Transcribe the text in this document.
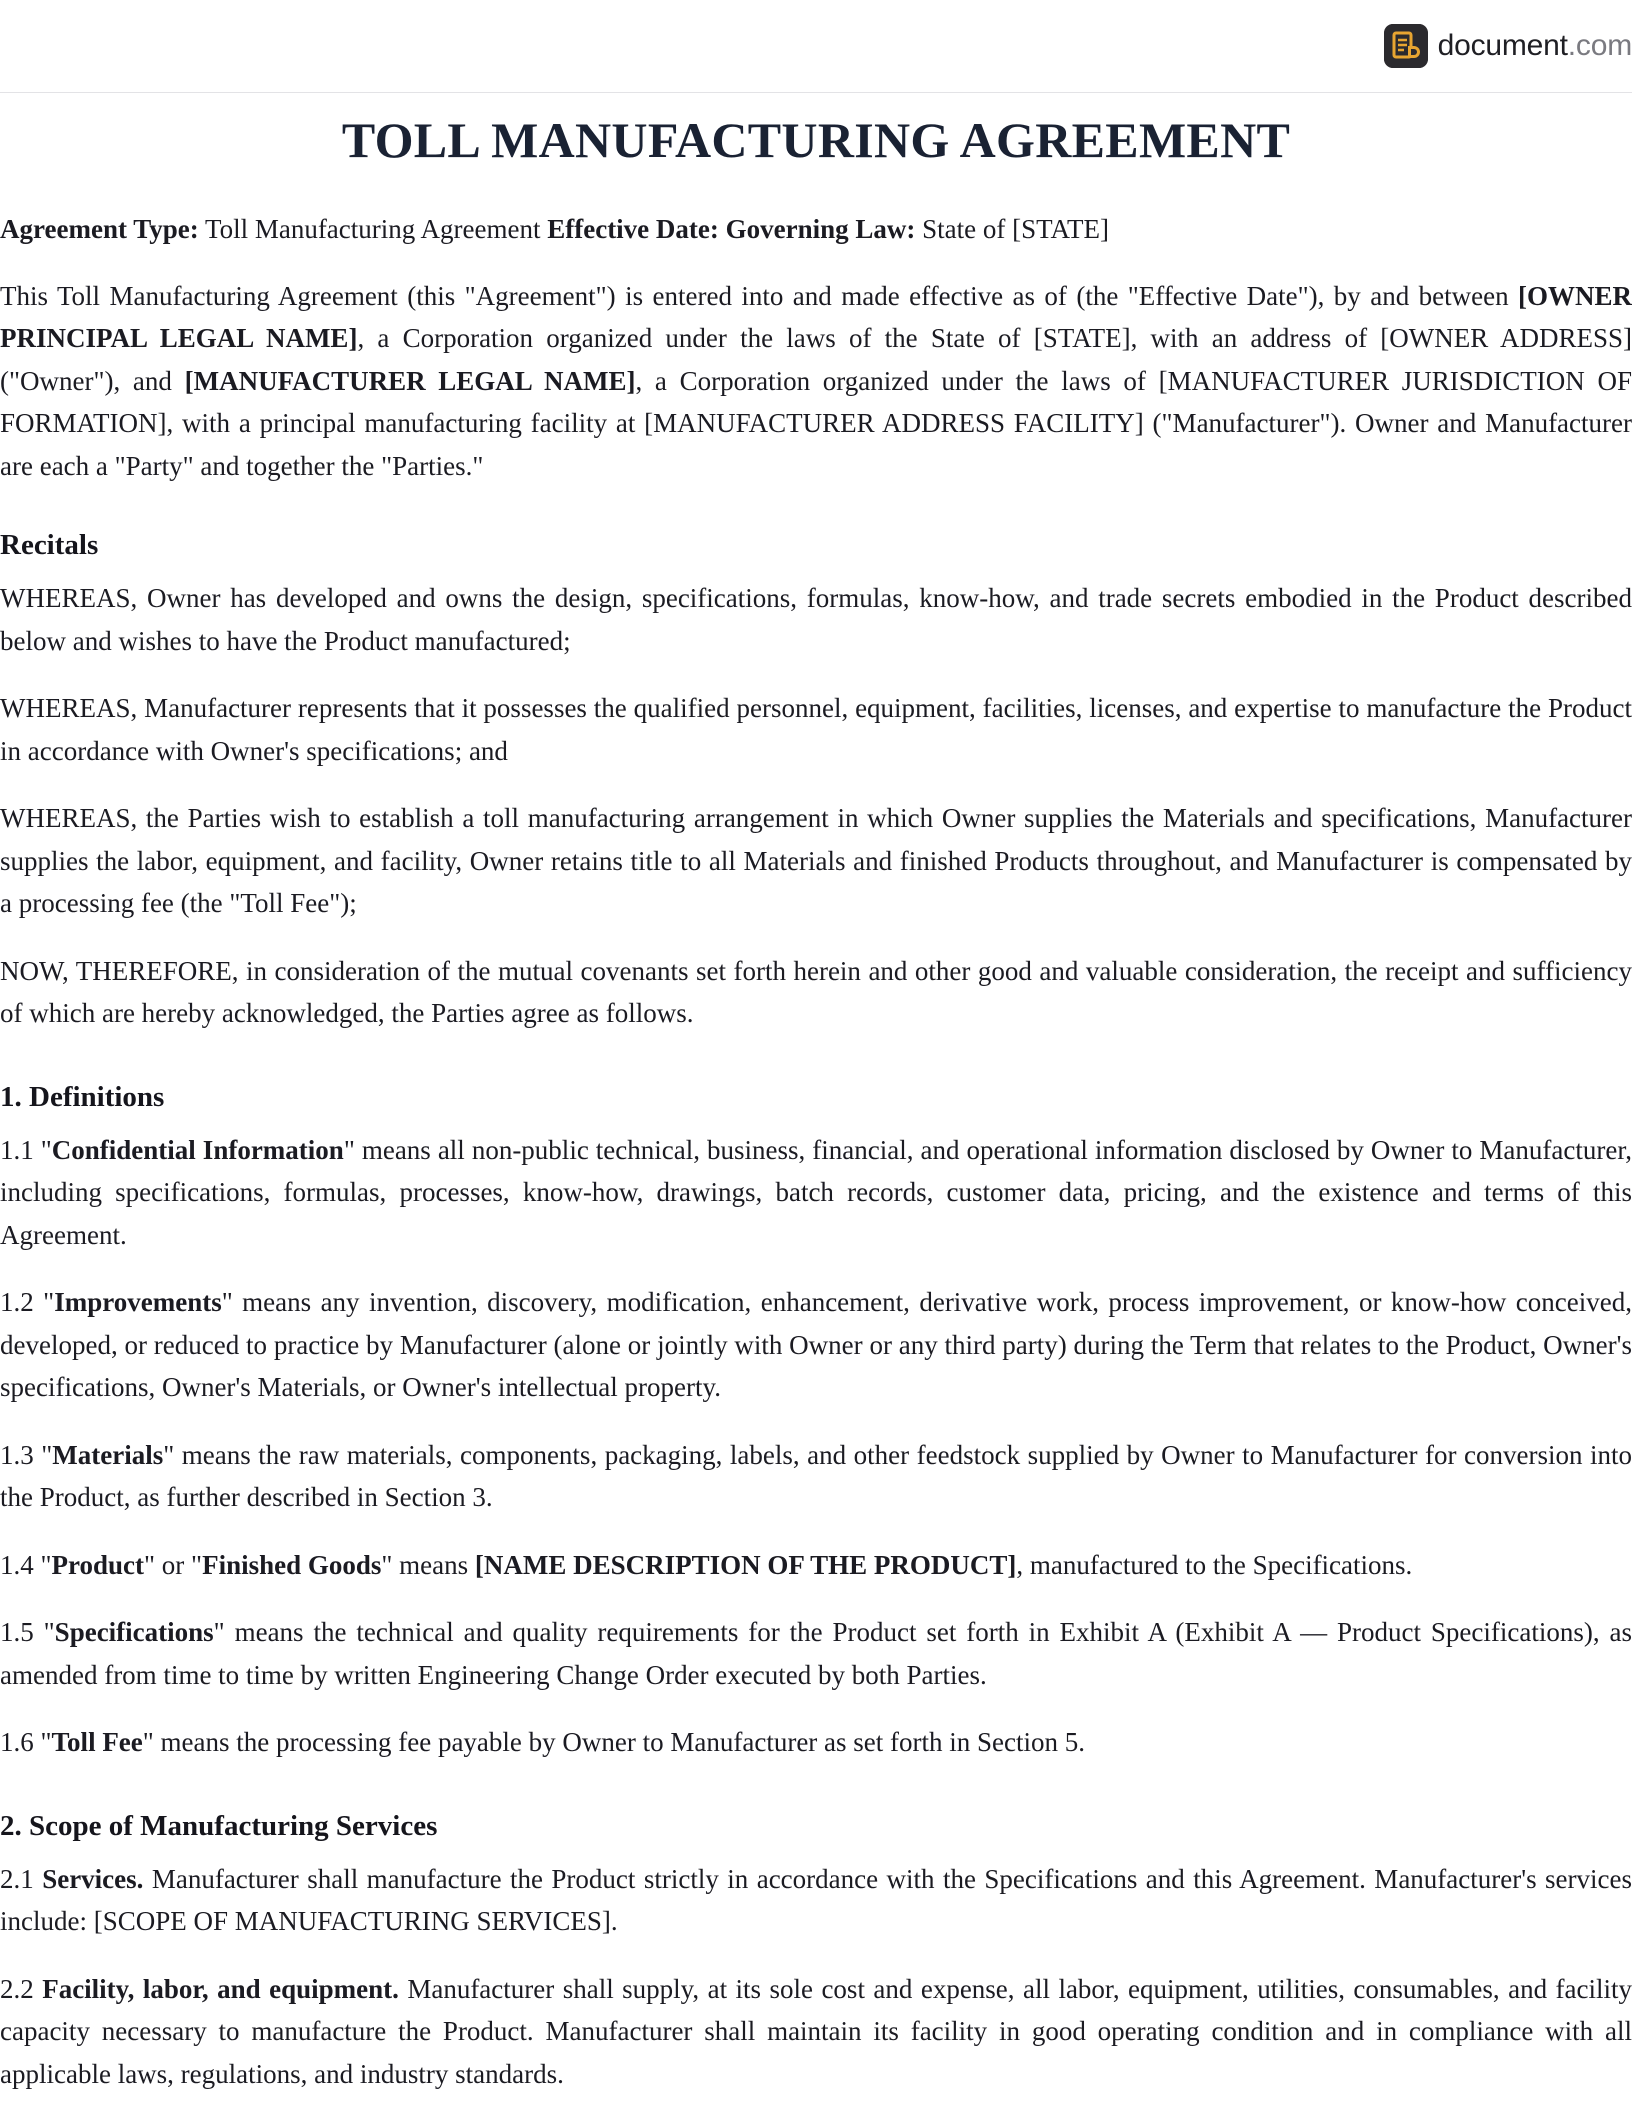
document.com
TOLL MANUFACTURING AGREEMENT

Agreement Type: Toll Manufacturing Agreement Effective Date: Governing Law: State of [STATE]

This Toll Manufacturing Agreement (this "Agreement") is entered into and made effective as of (the "Effective Date"), by and between [OWNER PRINCIPAL LEGAL NAME], a Corporation organized under the laws of the State of [STATE], with an address of [OWNER ADDRESS] ("Owner"), and [MANUFACTURER LEGAL NAME], a Corporation organized under the laws of [MANUFACTURER JURISDICTION OF FORMATION], with a principal manufacturing facility at [MANUFACTURER ADDRESS FACILITY] ("Manufacturer"). Owner and Manufacturer are each a "Party" and together the "Parties."

Recitals

WHEREAS, Owner has developed and owns the design, specifications, formulas, know-how, and trade secrets embodied in the Product described below and wishes to have the Product manufactured;

WHEREAS, Manufacturer represents that it possesses the qualified personnel, equipment, facilities, licenses, and expertise to manufacture the Product in accordance with Owner's specifications; and

WHEREAS, the Parties wish to establish a toll manufacturing arrangement in which Owner supplies the Materials and specifications, Manufacturer supplies the labor, equipment, and facility, Owner retains title to all Materials and finished Products throughout, and Manufacturer is compensated by a processing fee (the "Toll Fee");

NOW, THEREFORE, in consideration of the mutual covenants set forth herein and other good and valuable consideration, the receipt and sufficiency of which are hereby acknowledged, the Parties agree as follows.

1. Definitions

1.1 "Confidential Information" means all non-public technical, business, financial, and operational information disclosed by Owner to Manufacturer, including specifications, formulas, processes, know-how, drawings, batch records, customer data, pricing, and the existence and terms of this Agreement.

1.2 "Improvements" means any invention, discovery, modification, enhancement, derivative work, process improvement, or know-how conceived, developed, or reduced to practice by Manufacturer (alone or jointly with Owner or any third party) during the Term that relates to the Product, Owner's specifications, Owner's Materials, or Owner's intellectual property.

1.3 "Materials" means the raw materials, components, packaging, labels, and other feedstock supplied by Owner to Manufacturer for conversion into the Product, as further described in Section 3.

1.4 "Product" or "Finished Goods" means [NAME DESCRIPTION OF THE PRODUCT], manufactured to the Specifications.

1.5 "Specifications" means the technical and quality requirements for the Product set forth in Exhibit A (Exhibit A — Product Specifications), as amended from time to time by written Engineering Change Order executed by both Parties.

1.6 "Toll Fee" means the processing fee payable by Owner to Manufacturer as set forth in Section 5.

2. Scope of Manufacturing Services

2.1 Services. Manufacturer shall manufacture the Product strictly in accordance with the Specifications and this Agreement. Manufacturer's services include: [SCOPE OF MANUFACTURING SERVICES].

2.2 Facility, labor, and equipment. Manufacturer shall supply, at its sole cost and expense, all labor, equipment, utilities, consumables, and facility capacity necessary to manufacture the Product. Manufacturer shall maintain its facility in good operating condition and in compliance with all applicable laws, regulations, and industry standards.
